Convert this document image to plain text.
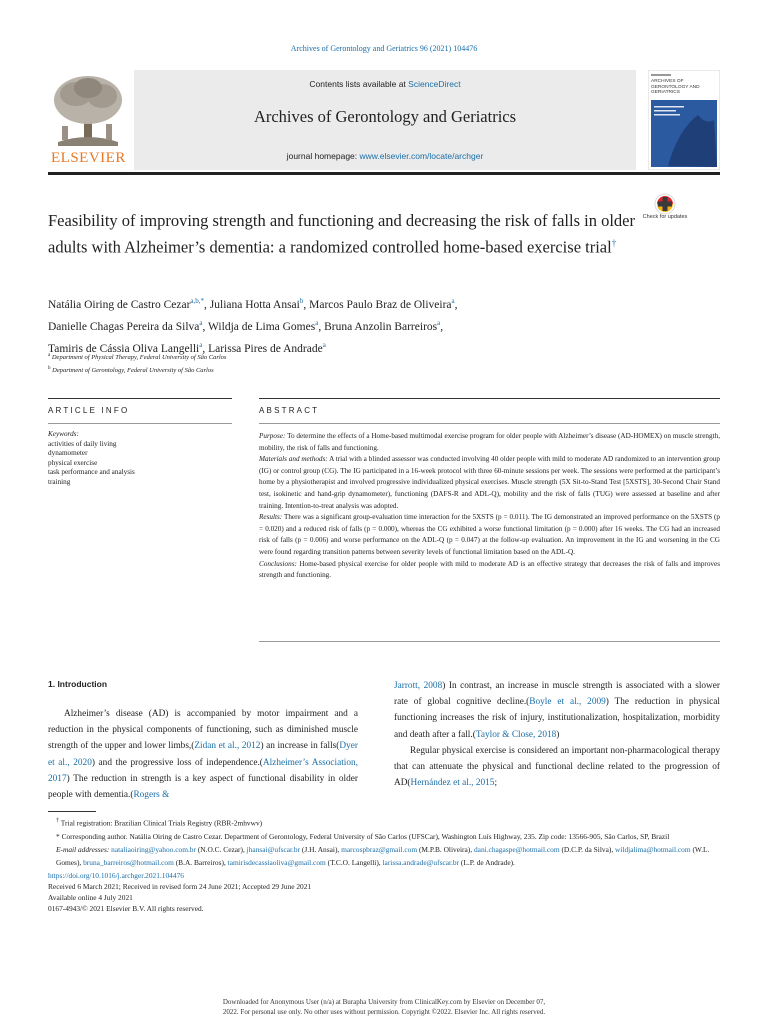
Archives of Gerontology and Geriatrics 96 (2021) 104476
ELSEVIER
Contents lists available at ScienceDirect
Archives of Gerontology and Geriatrics
journal homepage: www.elsevier.com/locate/archger
ARCHIVES OF GERONTOLOGY AND GERIATRICS
Feasibility of improving strength and functioning and decreasing the risk of falls in older adults with Alzheimer’s dementia: a randomized controlled home-based exercise trial†
Check for updates
Natália Oiring de Castro Cezar$^{a,b,*}$, Juliana Hotta Ansai$^b$, Marcos Paulo Braz de Oliveira$^a$,
Danielle Chagas Pereira da Silva$^a$, Wildja de Lima Gomes$^a$, Bruna Anzolin Barreiros$^a$,
Tamiris de Cássia Oliva Langelli$^a$, Larissa Pires de Andrade$^a$
$^a$ Department of Physical Therapy, Federal University of São Carlos
$^b$ Department of Gerontology, Federal University of São Carlos
ARTICLE INFO	ABSTRACT
Keywords:
activities of daily living
dynamometer
physical exercise
task performance and analysis
training

Purpose: To determine the effects of a Home-based multimodal exercise program for older people with Alzheimer’s disease (AD-HOMEX) on muscle strength, mobility, the risk of falls and functioning.

Materials and methods: A trial with a blinded assessor was conducted involving 40 older people with mild to moderate AD randomized to an intervention group (IG) or control group (CG). The IG participated in a 16-week protocol with three 60-minute sessions per week. The sessions were performed at the participant’s home by a physiotherapist and involved progressive individualized physical exercises. Muscle strength (5X Sit-to-Stand Test [5XSTS], 30-Second Chair Stand test, isokinetic and hand-grip dynamometer), functioning (DAFS-R and ADL-Q), mobility and the risk of falls (TUG) were assessed at baseline and after training. Intention-to-treat analysis was adopted.

Results: There was a significant group-evaluation time interaction for the 5XSTS (p = 0.011). The IG demonstrated an improved performance on the 5XSTS (p = 0.020) and a reduced risk of falls (p = 0.000), whereas the CG exhibited a worse functional limitation (p = 0.000) after 16 weeks. The CG had an increased risk of falls (p = 0.006) and worse performance on the ADL-Q (p = 0.047) at the follow-up evaluation. An improvement in the IG and worsening in the CG were found regarding transition patterns between severity levels of functional limitation based on the ADL-Q.

Conclusions: Home-based physical exercise for older people with mild to moderate AD is an effective strategy that decreases the risk of falls and improves strength and functioning.

1. Introduction

Alzheimer’s disease (AD) is accompanied by motor impairment and a reduction in the physical components of functioning, such as diminished muscle strength of the upper and lower limbs,(Zidan et al., 2012) an increase in falls(Dyer et al., 2020) and the progressive loss of independence.(Alzheimer’s Association, 2017) The reduction in strength is a key aspect of functional disability in older people with dementia.(Rogers &

Jarrott, 2008) In contrast, an increase in muscle strength is associated with a slower rate of global cognitive decline.(Boyle et al., 2009) The reduction in physical functioning increases the risk of injury, institutionalization, hospitalization, morbidity and death after a fall.(Taylor & Close, 2018)

Regular physical exercise is considered an important non-pharmacological therapy that can attenuate the physical and functional decline related to the progression of AD(Hernández et al., 2015;

† Trial registration: Brazilian Clinical Trials Registry (RBR-2mhvwv)

* Corresponding author. Natália Oiring de Castro Cezar. Department of Gerontology, Federal University of São Carlos (UFSCar), Washington Luís Highway, 235. Zip code: 13566-905, São Carlos, SP, Brazil

E-mail addresses: nataliaoiring@yahoo.com.br (N.O.C. Cezar), jhansai@ufscar.br (J.H. Ansai), marcospbraz@gmail.com (M.P.B. Oliveira), dani.chagaspe@hotmail.com (D.C.P. da Silva), wildjalima@hotmail.com (W.L. Gomes), bruna_barreiros@hotmail.com (B.A. Barreiros), tamirisdecassiaoliva@gmail.com (T.C.O. Langelli), larissa.andrade@ufscar.br (L.P. de Andrade).

https://doi.org/10.1016/j.archger.2021.104476
Received 6 March 2021; Received in revised form 24 June 2021; Accepted 29 June 2021
Available online 4 July 2021
0167-4943/© 2021 Elsevier B.V. All rights reserved.
Downloaded for Anonymous User (n/a) at Burapha University from ClinicalKey.com by Elsevier on December 07,
2022. For personal use only. No other uses without permission. Copyright ©2022. Elsevier Inc. All rights reserved.
